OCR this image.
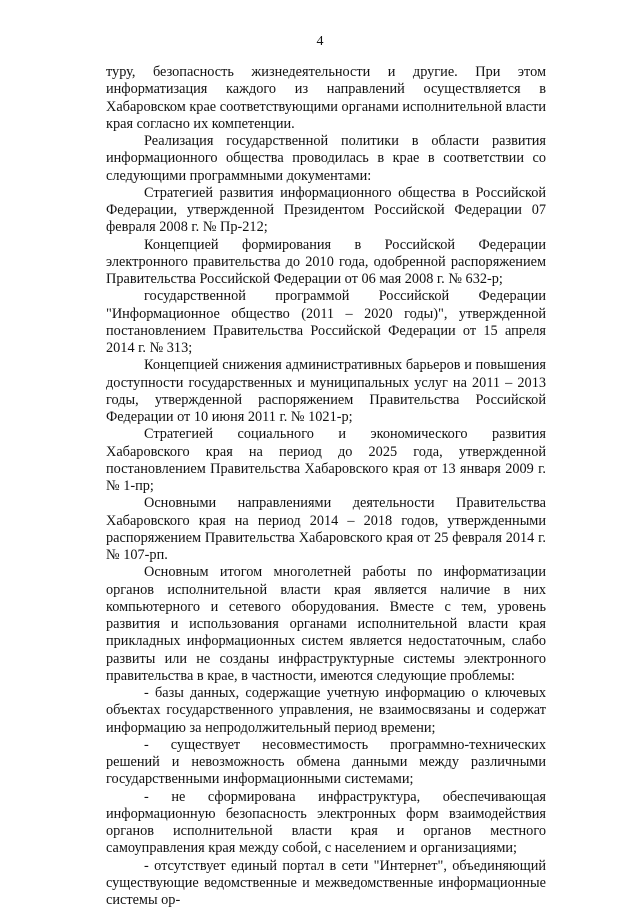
4

туру, безопасность жизнедеятельности и другие. При этом информатизация каждого из направлений осуществляется в Хабаровском крае соответствующими органами исполнительной власти края согласно их компетенции.

Реализация государственной политики в области развития информационного общества проводилась в крае в соответствии со следующими программными документами:

Стратегией развития информационного общества в Российской Федерации, утвержденной Президентом Российской Федерации 07 февраля 2008 г. № Пр-212;

Концепцией формирования в Российской Федерации электронного правительства до 2010 года, одобренной распоряжением Правительства Российской Федерации от 06 мая 2008 г. № 632-р;

государственной программой Российской Федерации "Информационное общество (2011 – 2020 годы)", утвержденной постановлением Правительства Российской Федерации от 15 апреля 2014 г. № 313;

Концепцией снижения административных барьеров и повышения доступности государственных и муниципальных услуг на 2011 – 2013 годы, утвержденной распоряжением Правительства Российской Федерации от 10 июня 2011 г. № 1021-р;

Стратегией социального и экономического развития Хабаровского края на период до 2025 года, утвержденной постановлением Правительства Хабаровского края от 13 января 2009 г. № 1-пр;

Основными направлениями деятельности Правительства Хабаровского края на период 2014 – 2018 годов, утвержденными распоряжением Правительства Хабаровского края от 25 февраля 2014 г. № 107-рп.

Основным итогом многолетней работы по информатизации органов исполнительной власти края является наличие в них компьютерного и сетевого оборудования. Вместе с тем, уровень развития и использования органами исполнительной власти края прикладных информационных систем является недостаточным, слабо развиты или не созданы инфраструктурные системы электронного правительства в крае, в частности, имеются следующие проблемы:

- базы данных, содержащие учетную информацию о ключевых объектах государственного управления, не взаимосвязаны и содержат информацию за непродолжительный период времени;

- существует несовместимость программно-технических решений и невозможность обмена данными между различными государственными информационными системами;

- не сформирована инфраструктура, обеспечивающая информационную безопасность электронных форм взаимодействия органов исполнительной власти края и органов местного самоуправления края между собой, с населением и организациями;

- отсутствует единый портал в сети "Интернет", объединяющий существующие ведомственные и межведомственные информационные системы ор-
